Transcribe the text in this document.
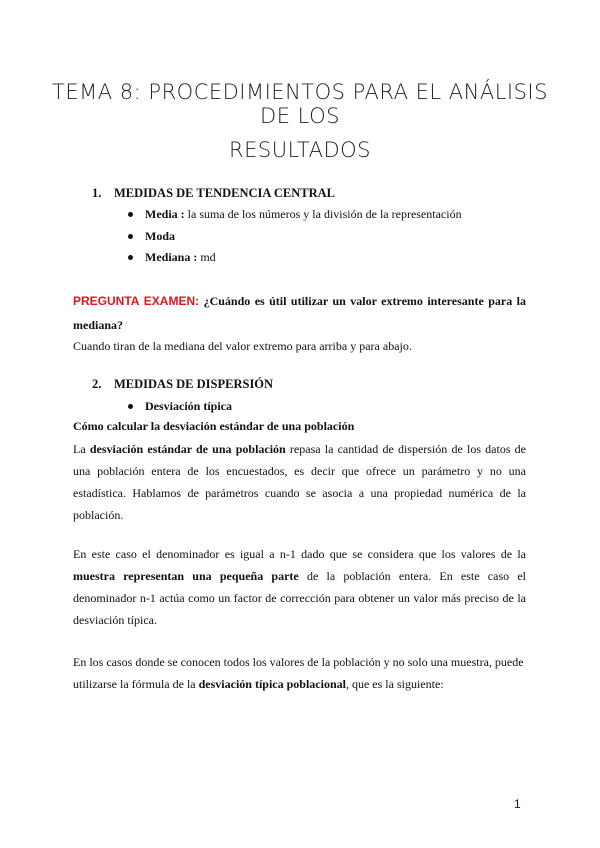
TEMA 8: PROCEDIMIENTOS PARA EL ANÁLISIS DE LOS
RESULTADOS
1. MEDIDAS DE TENDENCIA CENTRAL
Media : la suma de los números y la división de la representación
Moda
Mediana : md
PREGUNTA EXAMEN: ¿Cuándo es útil utilizar un valor extremo interesante para la mediana?
Cuando tiran de la mediana del valor extremo para arriba y para abajo.
2. MEDIDAS DE DISPERSIÓN
Desviación típica
Cómo calcular la desviación estándar de una población
La desviación estándar de una población repasa la cantidad de dispersión de los datos de una población entera de los encuestados, es decir que ofrece un parámetro y no una estadística. Hablamos de parámetros cuando se asocia a una propiedad numérica de la población.
En este caso el denominador es igual a n-1 dado que se considera que los valores de la muestra representan una pequeña parte de la población entera. En este caso el denominador n-1 actúa como un factor de corrección para obtener un valor más preciso de la desviación típica.
En los casos donde se conocen todos los valores de la población y no solo una muestra, puede utilizarse la fórmula de la desviación típica poblacional, que es la siguiente:
1
